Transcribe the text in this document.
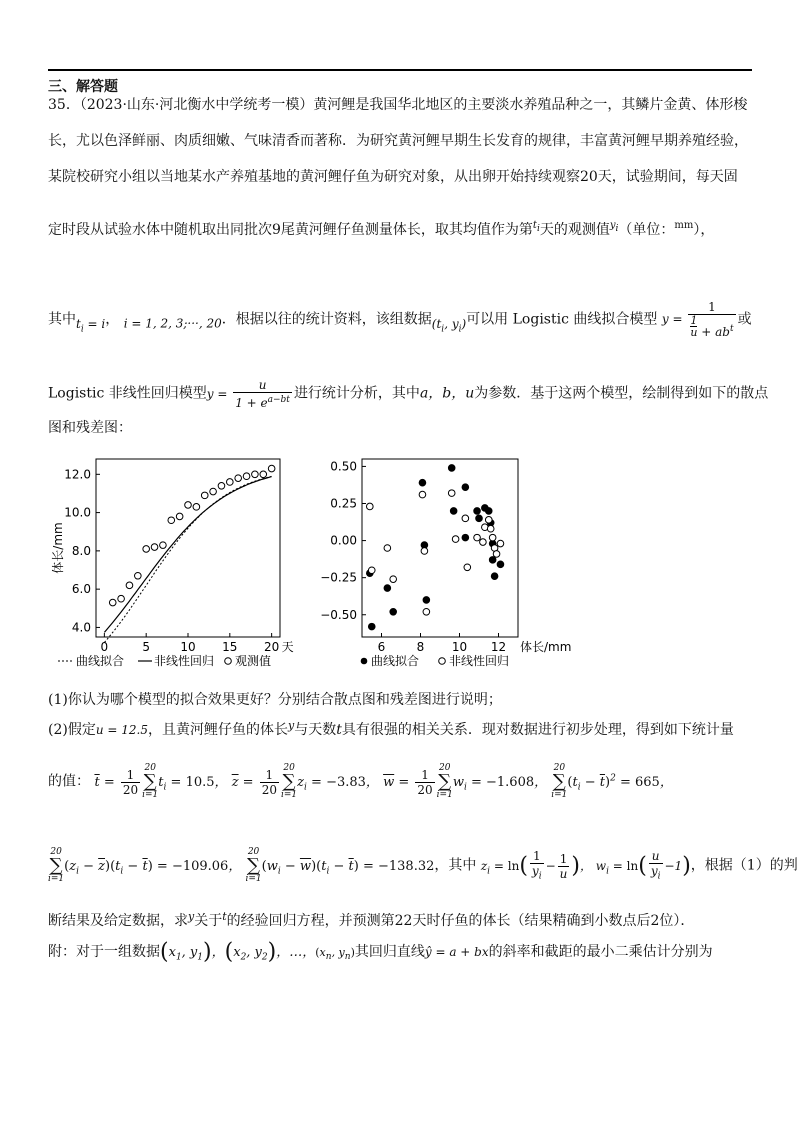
三、解答题
35．（2023·山东·河北衡水中学统考一模）黄河鲤是我国华北地区的主要淡水养殖品种之一，其鳞片金黄、体形梭
长，尤以色泽鲜丽、肉质细嫩、气味清香而著称．为研究黄河鲤早期生长发育的规律，丰富黄河鲤早期养殖经验，
某院校研究小组以当地某水产养殖基地的黄河鲤仔鱼为研究对象，从出卵开始持续观察20天，试验期间，每天固
定时段从试验水体中随机取出同批次9尾黄河鲤仔鱼测量体长，取其均值作为第$^{t_i}$天的观测值$^{y_i}$（单位：$^{mm}$），
其中$t_i = i$， i = 1, 2, 3;···, 20．根据以往的统计资料，该组数据($t_i$, $y_i$)可以用 Logistic 曲线拟合模型 y =
1
1
$u + ab^t$
或
Logistic 非线性回归模型$y = \frac{u}{1 + e^{a-bt}}$ 进行统计分析，其中a，b，u为参数．基于这两个模型，绘制得到如下的散点
图和残差图：
4.0
6.0
8.0
10.0
12.0
0	5	10 15 20 天
体长/mm
曲线拟合 非线性回归 观测值
0.50
0.25
0.00
−0.25
−0.50
6	8 10 12 体长/mm
曲线拟合 非线性回归
(1)你认为哪个模型的拟合效果更好？分别结合散点图和残差图进行说明；
(2)假定u = 12.5，且黄河鲤仔鱼的体长$^y$与天数t具有很强的相关关系．现对数据进行初步处理，得到如下统计量
的值： $\overline{t} = \frac{1}{20} 20$
∑
$i=1t_i = 10.5$， $\overline{z} = \frac{1}{20} 20$
∑
$i=1z_i = -3.83$， $\overline{w} = \frac{1}{20} 20$
∑
$i=1w_i = -1.608$， 20
∑
$i=1(t_i - \overline{t})^2 = 665$，
20
∑
$i=1(z_i - \overline{z})(t_i - \overline{t}) = -109.06$， 20
∑
$i=1(w_i - \overline{w})(t_i - \overline{t}) = -138.32$，其中 $z_i = \ln( \frac{1}{y_i} - \frac{1}{u}$ )， $w_i = \ln( \frac{u}{y_i} -1)$，根据（1）的判
断结果及给定数据，求$^y$关于$^t$的经验回归方程，并预测第22天时仔鱼的体长（结果精确到小数点后2位）．
附：对于一组数据($x_1$, $y_1$)，($x_2$, $y_2$)，…，($x_n$, $y_n$)其回归直线ŷ = a + bx的斜率和截距的最小二乘估计分别为
